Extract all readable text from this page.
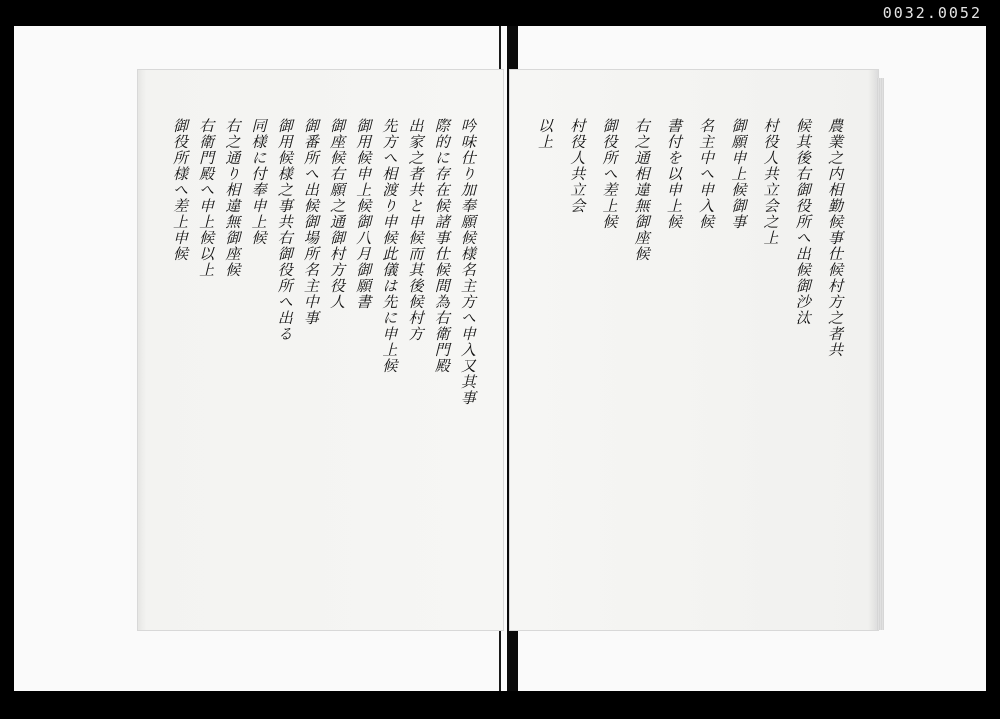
0032.0052
吟味仕り加奉願候様名主方へ申入又其事
際的に存在候諸事仕候間為右衛門殿
出家之者共と申候而其後候村方
先方へ相渡り申候此儀は先に申上候
御用候申上候御八月御願書
御座候右願之通御村方役人
御番所へ出候御場所名主中事
御用候様之事共右御役所へ出る
同様に付奉申上候
右之通り相違無御座候
右衛門殿へ申上候以上
御役所様へ差上申候	農業之内相勤候事仕候村方之者共
候其後右御役所へ出候御沙汰
村役人共立会之上
御願申上候御事
名主中へ申入候
書付を以申上候
右之通相違無御座候
御役所へ差上候
村役人共立会
以上
